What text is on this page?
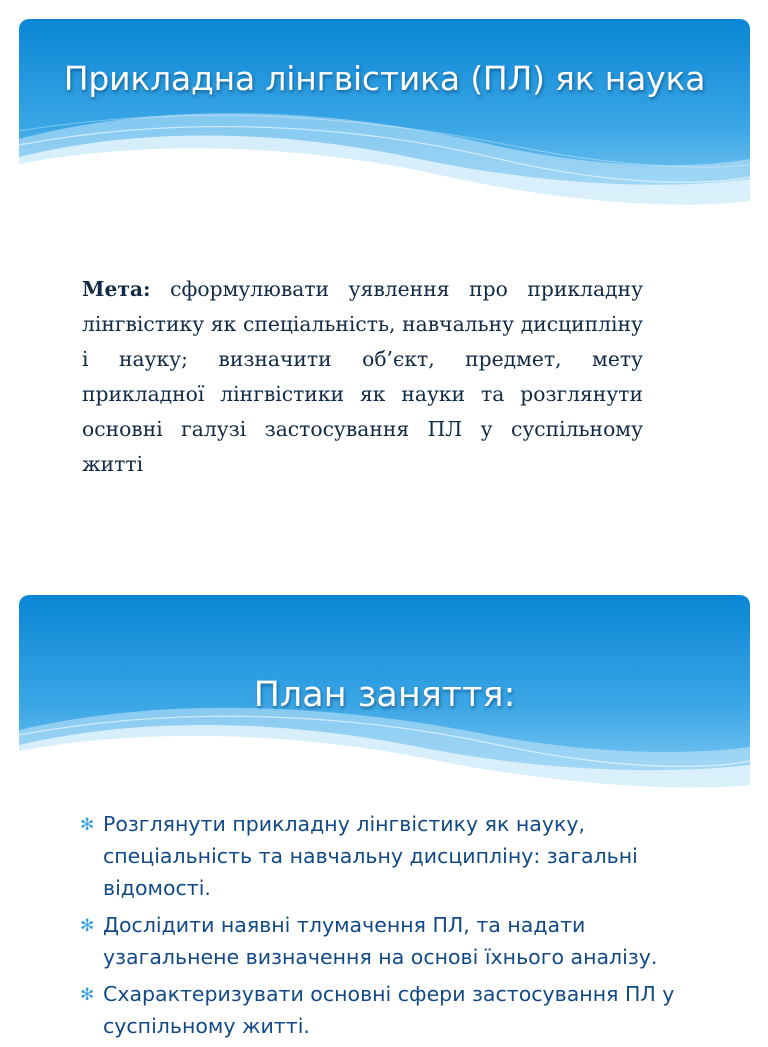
Прикладна лінгвістика (ПЛ) як наука
Мета: сформулювати уявлення про прикладну лінгвістику як спеціальність, навчальну дисципліну і науку; визначити об’єкт, предмет, мету прикладної лінгвістики як науки та розглянути основні галузі застосування ПЛ у суспільному житті
План заняття:
✻ Розглянути прикладну лінгвістику як науку, спеціальність та навчальну дисципліну: загальні відомості.
✻ Дослідити наявні тлумачення ПЛ, та надати узагальнене визначення на основі їхнього аналізу.
✻ Схарактеризувати основні сфери застосування ПЛ у суспільному житті.
